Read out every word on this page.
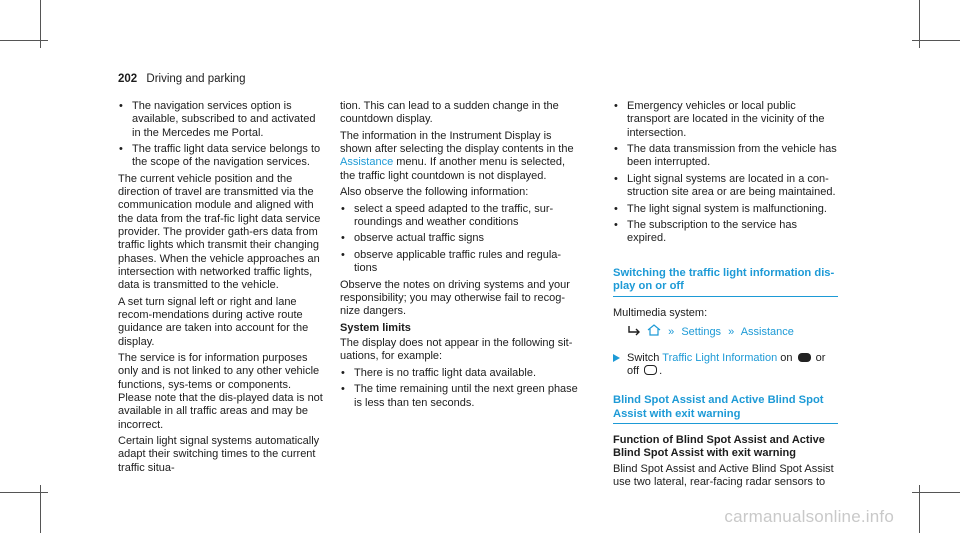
202 Driving and parking
• The navigation services option is available, subscribed to and activated in the Mercedes me Portal.
• The traffic light data service belongs to the scope of the navigation services.

The current vehicle position and the direction of travel are transmitted via the communication module and aligned with the data from the traf-fic light data service provider. The provider gath-ers data from traffic lights which transmit their changing phases. When the vehicle approaches an intersection with networked traffic lights, data is transmitted to the vehicle.

A set turn signal left or right and lane recom-mendations during active route guidance are taken into account for the display.

The service is for information purposes only and is not linked to any other vehicle functions, sys-tems or components. Please note that the dis-played data is not available in all traffic areas and may be incorrect.

Certain light signal systems automatically adapt their switching times to the current traffic situa-

tion. This can lead to a sudden change in the countdown display.

The information in the Instrument Display is shown after selecting the display contents in the Assistance menu. If another menu is selected, the traffic light countdown is not displayed.

Also observe the following information:

• select a speed adapted to the traffic, sur-roundings and weather conditions
• observe actual traffic signs
• observe applicable traffic rules and regula-tions

Observe the notes on driving systems and your responsibility; you may otherwise fail to recog-nize dangers.

System limits

The display does not appear in the following sit-uations, for example:

• There is no traffic light data available.
• The time remaining until the next green phase is less than ten seconds.
• Emergency vehicles or local public transport are located in the vicinity of the intersection.
• The data transmission from the vehicle has been interrupted.
• Light signal systems are located in a con-struction site area or are being maintained.
• The light signal system is malfunctioning.
• The subscription to the service has expired.
Switching the traffic light information dis-play on or off
Multimedia system:
» Settings » Assistance
Switch Traffic Light Information on or
off .
Blind Spot Assist and Active Blind Spot Assist with exit warning
Function of Blind Spot Assist and Active Blind Spot Assist with exit warning

Blind Spot Assist and Active Blind Spot Assist use two lateral, rear-facing radar sensors to

carmanualsonline.info
